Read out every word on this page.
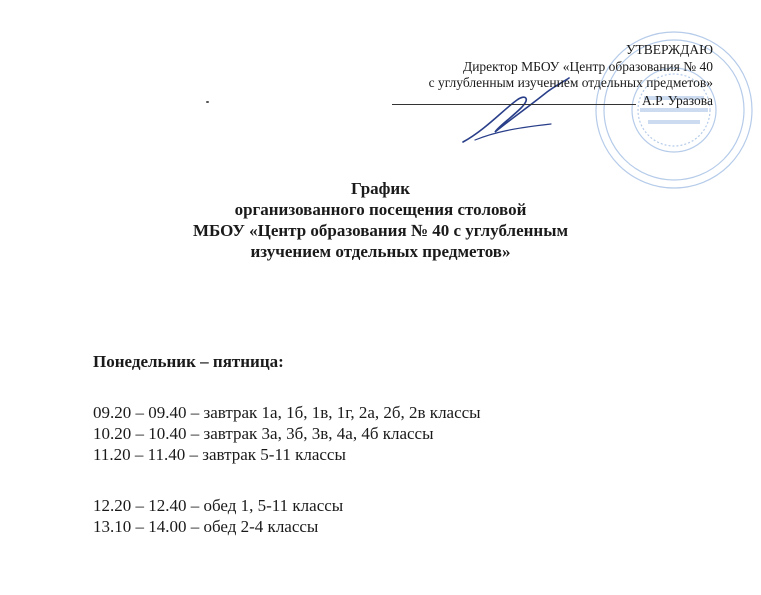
УТВЕРЖДАЮ
Директор МБОУ «Центр образования № 40
с углубленным изучением отдельных предметов»
А.Р. Уразова
График
организованного посещения столовой
МБОУ «Центр образования № 40 с углубленным
изучением отдельных предметов»
Понедельник – пятница:
09.20 – 09.40 – завтрак 1а, 1б, 1в, 1г, 2а, 2б, 2в классы
10.20 – 10.40 – завтрак 3а, 3б, 3в, 4а, 4б классы
11.20 – 11.40 – завтрак 5-11 классы
12.20 – 12.40 – обед 1, 5-11 классы
13.10 – 14.00 – обед 2-4 классы
